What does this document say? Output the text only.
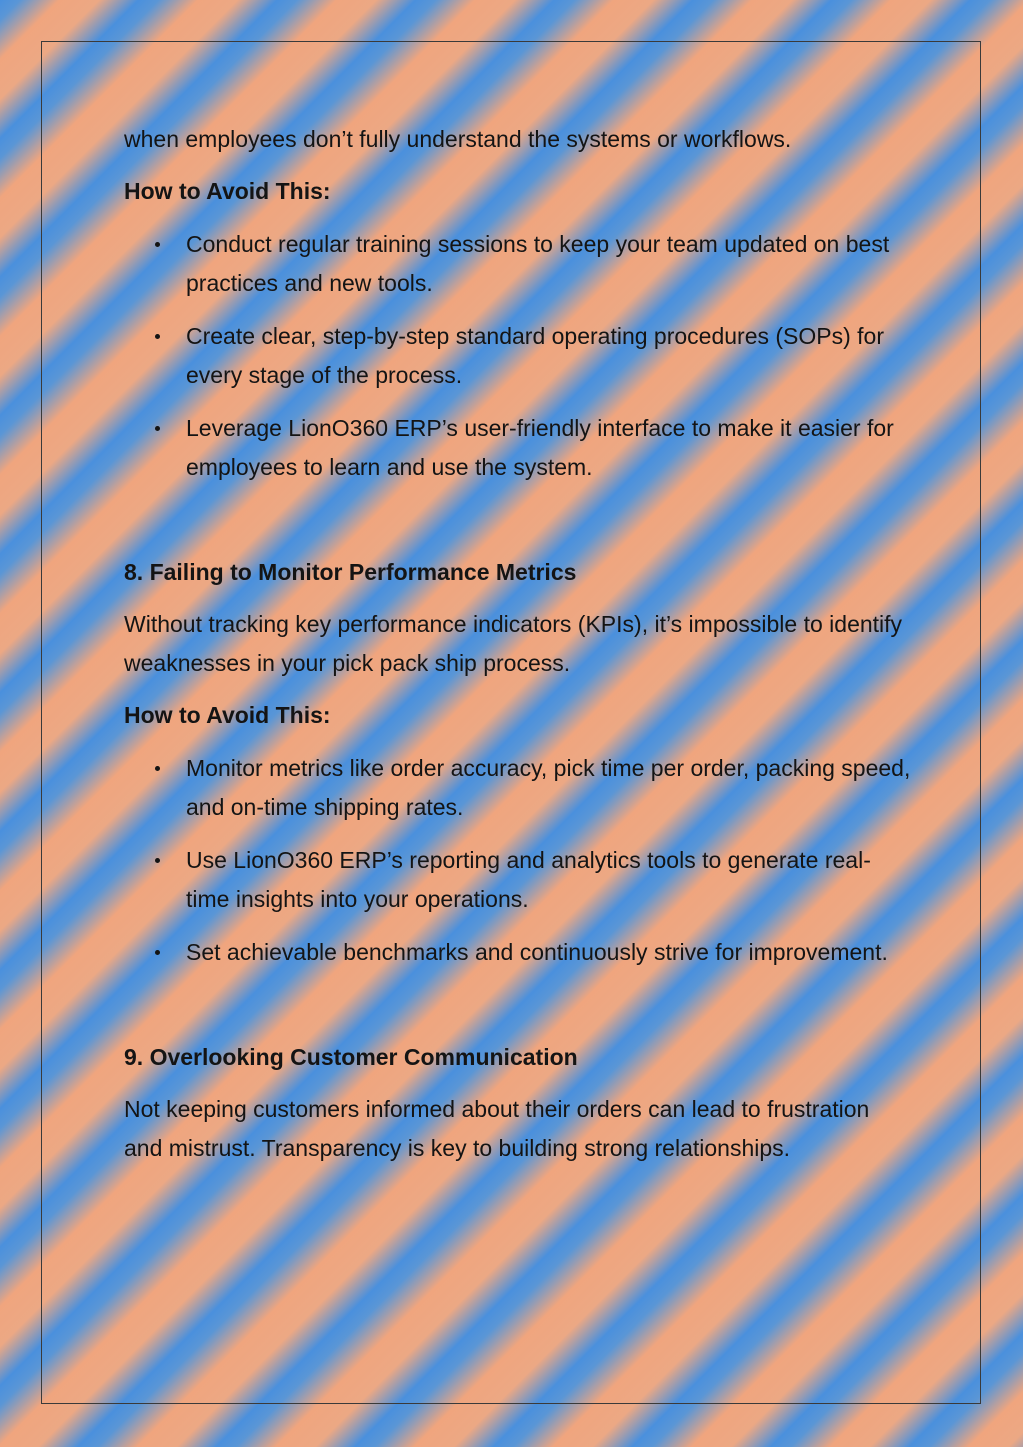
when employees don’t fully understand the systems or workflows.

How to Avoid This:

Conduct regular training sessions to keep your team updated on best practices and new tools.
Create clear, step-by-step standard operating procedures (SOPs) for every stage of the process.
Leverage LionO360 ERP’s user-friendly interface to make it easier for employees to learn and use the system.

8. Failing to Monitor Performance Metrics

Without tracking key performance indicators (KPIs), it’s impossible to identify weaknesses in your pick pack ship process.

How to Avoid This:

Monitor metrics like order accuracy, pick time per order, packing speed, and on-time shipping rates.
Use LionO360 ERP’s reporting and analytics tools to generate real-time insights into your operations.
Set achievable benchmarks and continuously strive for improvement.

9. Overlooking Customer Communication

Not keeping customers informed about their orders can lead to frustration and mistrust. Transparency is key to building strong relationships.
